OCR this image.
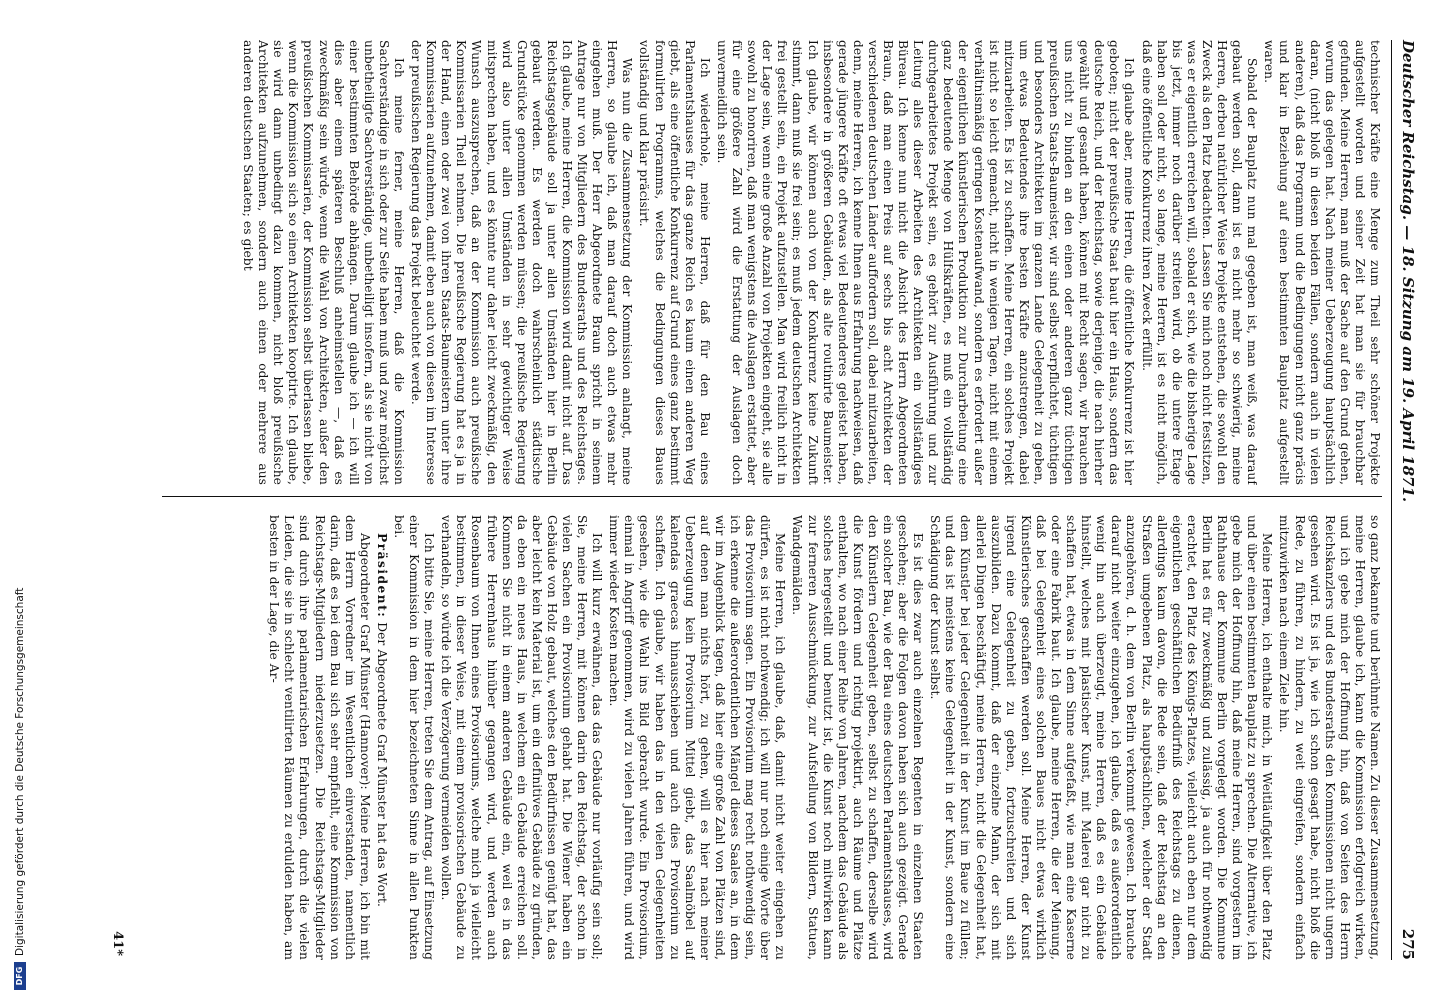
DFG
Digitalisierung gefördert durch die Deutsche Forschungsgemeinschaft
Deutscher Reichstag. — 18. Sitzung am 19. April 1871.
275

technischer Kräfte eine Menge zum Theil sehr schöner Projekte aufgestellt worden und seiner Zeit hat man sie für brauchbar gefunden. Meine Herren, man muß der Sache auf den Grund gehen, worum das gelegen hat. Nach meiner Ueberzeugung hauptsächlich daran, (nicht bloß in diesen beiden Fällen, sondern auch in vielen anderen), daß das Programm und die Bedingungen nicht ganz präcis und klar in Beziehung auf einen bestimmten Bauplatz aufgestellt waren.

Sobald der Bauplatz nun mal gegeben ist, man weiß, was darauf gebaut werden soll, dann ist es nicht mehr so schwierig, meine Herren, derbeu natürlicher Weise Projekte entstehen, die sowohl den Zweck als den Platz bedachten. Lassen Sie mich noch nicht festsitzen, was er eigentlich erreichen will, sobald er sich, wie die bisherige Lage bis jetzt, immer noch darüber streiten wird, ob die untere Etage haben soll oder nicht, so lange, meine Herren, ist es nicht möglich, daß eine öffentliche Konkurrenz ihren Zweck erfüllt.

Ich glaube aber, meine Herren, die öffentliche Konkurrenz ist hier geboten; nicht der preußische Staat baut hier ein Haus, sondern das deutsche Reich, und der Reichstag, sowie derjenige, die nach hierher gewählt und gesandt haben, können mit Recht sagen, wir brauchen uns nicht zu binden an den einen oder anderen ganz tüchtigen preußischen Staats-Baumeister, wir sind selbst verpflichtet, tüchtigen und besonders Architekten im ganzen Lande Gelegenheit zu geben, um etwas Bedeutendes ihre besten Kräfte anzustrengen, dabei mitzuarbeiten. Es ist zu schaffen. Meine Herren, ein solches Projekt ist nicht so leicht gemacht, nicht in wenigen Tagen, nicht mit einem verhältnismäßig geringen Kostenaufwand, sondern es erfordert außer der eigentlichen künstlerischen Produktion zur Durcharbeitung eine ganz bedeutende Menge von Hülfskräften, es muß ein vollständig durchgearbeitetes Projekt sein, es gehört zur Ausführung und zur Leitung alles dieser Arbeiten des Architekten ein vollständiges Büreau. Ich kenne nun nicht die Absicht des Herrn Abgeordneten Braun, daß man einen Preis auf sechs bis acht Architekten der verschiedenen deutschen Länder auffordern soll, dabei mitzuarbeiten, denn, meine Herren, ich kenne Ihnen aus Erfahrung nachweisen, daß gerade jüngere Kräfte oft etwas viel Bedeutenderes geleistet haben, insbesondere in größeren Gebäuden, als alte routinirte Baumeister. Ich glaube, wir können auch von der Konkurrenz keine Zukunft stimmt, dann muß sie frei sein; es muß jedem deutschen Architekten frei gestellt sein, ein Projekt aufzustellen. Man wird freilich nicht in der Lage sein, wenn eine große Anzahl von Projekten eingeht, sie alle sowohl zu honoriren, daß man wenigstens die Auslagen erstattet, aber für eine größere Zahl wird die Erstattung der Auslagen doch unvermeidlich sein.

Ich wiederhole, meine Herren, daß für den Bau eines Parlamentshauses für das ganze Reich es kaum einen anderen Weg giebt, als eine öffentliche Konkurrenz auf Grund eines ganz bestimmt formulirten Programms, welches die Bedingungen dieses Baues vollständig und klar präcisirt.

Was nun die Zusammensetzung der Kommission anlangt, meine Herren, so glaube ich, daß man darauf doch auch etwas mehr eingehen muß. Der Herr Abgeordnete Braun spricht in seinem Antrage nur von Mitgliedern des Bundesraths und des Reichstages. Ich glaube, meine Herren, die Kommission wird damit nicht auf. Das Reichstagsgebäude soll ja unter allen Umständen hier in Berlin gebaut werden. Es werden doch wahrscheinlich städtische Grundstücke genommen werden müssen; die preußische Regierung wird also unter allen Umständen in sehr gewichtiger Weise mitsprechen haben, und es könnte nur daher leicht zweckmäßig, den Wunsch auszusprechen, daß an der Kommission auch preußische Kommissarien Theil nehmen. Die preußische Regierung hat es ja in der Hand, einen oder zwei von ihren Staats-Baumeistern unter ihre Kommissarien aufzunehmen, damit eben auch von diesen im Interesse der preußischen Regierung das Projekt beleuchtet werde.

Ich meine ferner, meine Herren, daß die Kommission Sachverständige in sich oder zur Seite haben muß und zwar möglichst unbetheiligte Sachverständige, unbetheiligt insofern, als sie nicht von einer bestimmten Behörde abhängen. Darum glaube ich — ich will dies aber einem späteren Beschluß anheimstellen —, daß es zweckmäßig sein würde, wenn die Wahl von Architekten, außer den preußischen Kommissarien, der Kommission selbst überlassen bliebe, wenn die Kommission sich so einen Architekten kooptirte. Ich glaube, sie wird dann unbedingt dazu kommen, nicht bloß preußische Architekten aufzunehmen, sondern auch einen oder mehrere aus anderen deutschen Staaten; es giebt

so ganz bekannte und berühmte Namen. Zu dieser Zusammensetzung, meine Herren, glaube ich, kann die Kommission erfolgreich wirken, und ich gebe mich der Hoffnung hin, daß von Seiten des Herrn Reichskanzlers und des Bundesraths den Kommissionen nicht ungern gesehen wird. Es ist ja, wie ich schon gesagt habe, nicht bloß die Rede, zu führen, zu hindern, zu weit eingreifen, sondern einfach mitzuwirken nach einem Ziele hin.

Meine Herren, ich enthalte mich, in Weitläufigkeit über den Platz und über einen bestimmten Bauplatz zu sprechen. Die Alternative, ich gebe mich der Hoffnung hin, daß meine Herren, sind vorgestern im Rathhause der Kommune Berlin vorgelegt worden. Die Kommune Berlin hat es für zweckmäßig und zulässig, ja auch für nothwendig erachtet, den Platz des Königs-Platzes, vielleicht auch eben nur dem eigentlichen geschäftlichen Bedürfniß des Reichstags zu dienen, allerdings kaum davon, die Rede sein, daß der Reichstag an den Straßen umgebenen Platz, als hauptsächlichen, welcher der Stadt anzugehören, d. h. dem von Berlin verkommt gewesen. Ich brauche darauf nicht weiter einzugehen, ich glaube, daß es außerordentlich wenig hin auch überzeugt, meine Herren, daß es ein Gebäude hinstellt, welches mit plastischer Kunst, mit Malerei gar nicht zu schaffen hat, etwas in dem Sinne aufgefaßt, wie man eine Kaserne oder eine Fabrik baut. Ich glaube, meine Herren, die der Meinung, daß bei Gelegenheit eines solchen Baues nicht etwas wirklich Künstlerisches geschaffen werden soll. Meine Herren, der Kunst irgend eine Gelegenheit zu geben, fortzuschreiten und sich auszubilden. Dazu kommt, daß der einzelne Mann, der sich mit allerlei Dingen beschäftigt, meine Herren, nicht die Gelegenheit hat, dem Künstler bei jeder Gelegenheit in der Kunst im Baue zu füllen; und das ist meistens keine Gelegenheit in der Kunst, sondern eine Schädigung der Kunst selbst.

Es ist dies zwar auch einzelnen Regenten in einzelnen Staaten geschehen; aber die Folgen davon haben sich auch gezeigt. Gerade ein solcher Bau, wie der Bau eines deutschen Parlamentshauses, wird den Künstlern Gelegenheit geben, selbst zu schaffen, derselbe wird die Kunst fördern und richtig projektirt, auch Räume und Plätze enthalten, wo nach einer Reihe von Jahren, nachdem das Gebäude als solches hergestellt und benutzt ist, die Kunst noch mitwirken kann zur ferneren Ausschmückung, zur Aufstellung von Bildern, Statuen, Wandgemälden.

Meine Herren, ich glaube, daß, damit nicht weiter eingehen zu dürfen, es ist nicht nothwendig; ich will nur noch einige Worte über das Provisorium sagen. Ein Provisorium mag recht nothwendig sein, ich erkenne die außerordentlichen Mängel dieses Saales an, in dem wir im Augenblick tagen, daß hier eine große Zahl von Plätzen sind, auf denen man nichts hört, zu gehen, will es hier nach meiner Ueberzeugung kein Provisorium Mittel giebt, das Saalmöbel auf kalendas graecas hinausschieben und auch dies Provisorium zu schaffen. Ich glaube, wir haben das in den vielen Gelegenheiten gesehen, wie die Wahl ins Bild gebracht wurde. Ein Provisorium, einmal in Angriff genommen, wird zu vielen Jahren führen, und wird immer wieder Kosten machen.

Ich will kurz erwähnen, das das Gebäude nur vorläufig sein soll; Sie, meine Herren, mit können darin den Reichstag, der schon in vielen Sachen ein Provisorium gehabt hat. Die Wiener haben ein Gebäude von Holz gebaut, welches den Bedürfnissen genügt hat, das aber leicht kein Material ist, um ein definitives Gebäude zu gründen, da eben ein neues Haus, in welchem ein Gebäude erreichen soll. Kommen Sie nicht in einem anderen Gebäude ein, weil es in das frühere Herrenhaus hinüber gegangen wird, und werden auch Rosenbaum von Ihnen eines Provisoriums, welche mich ja vielleicht bestimmen, in dieser Weise, mit einem provisorischen Gebäude zu verhandeln, so würde ich die Verzögerung vermeiden wollen.

Ich bitte Sie, meine Herren, treten Sie dem Antrag, auf Einsetzung einer Kommission in dem hier bezeichneten Sinne in allen Punkten bei.

Präsident: Der Abgeordnete Graf Münster hat das Wort.

Abgeordneter Graf Münster (Hannover): Meine Herren, ich bin mit dem Herrn Vorredner im Wesentlichen einverstanden, namentlich darin, daß es bei dem Bau sich sehr empfiehlt, eine Kommission von Reichstags-Mitgliedern niederzusetzen. Die Reichstags-Mitglieder sind durch ihre parlamentarischen Erfahrungen, durch die vielen Leiden, die sie in schlecht ventilirten Räumen zu erdulden haben, am besten in der Lage, die Ar-

41*
